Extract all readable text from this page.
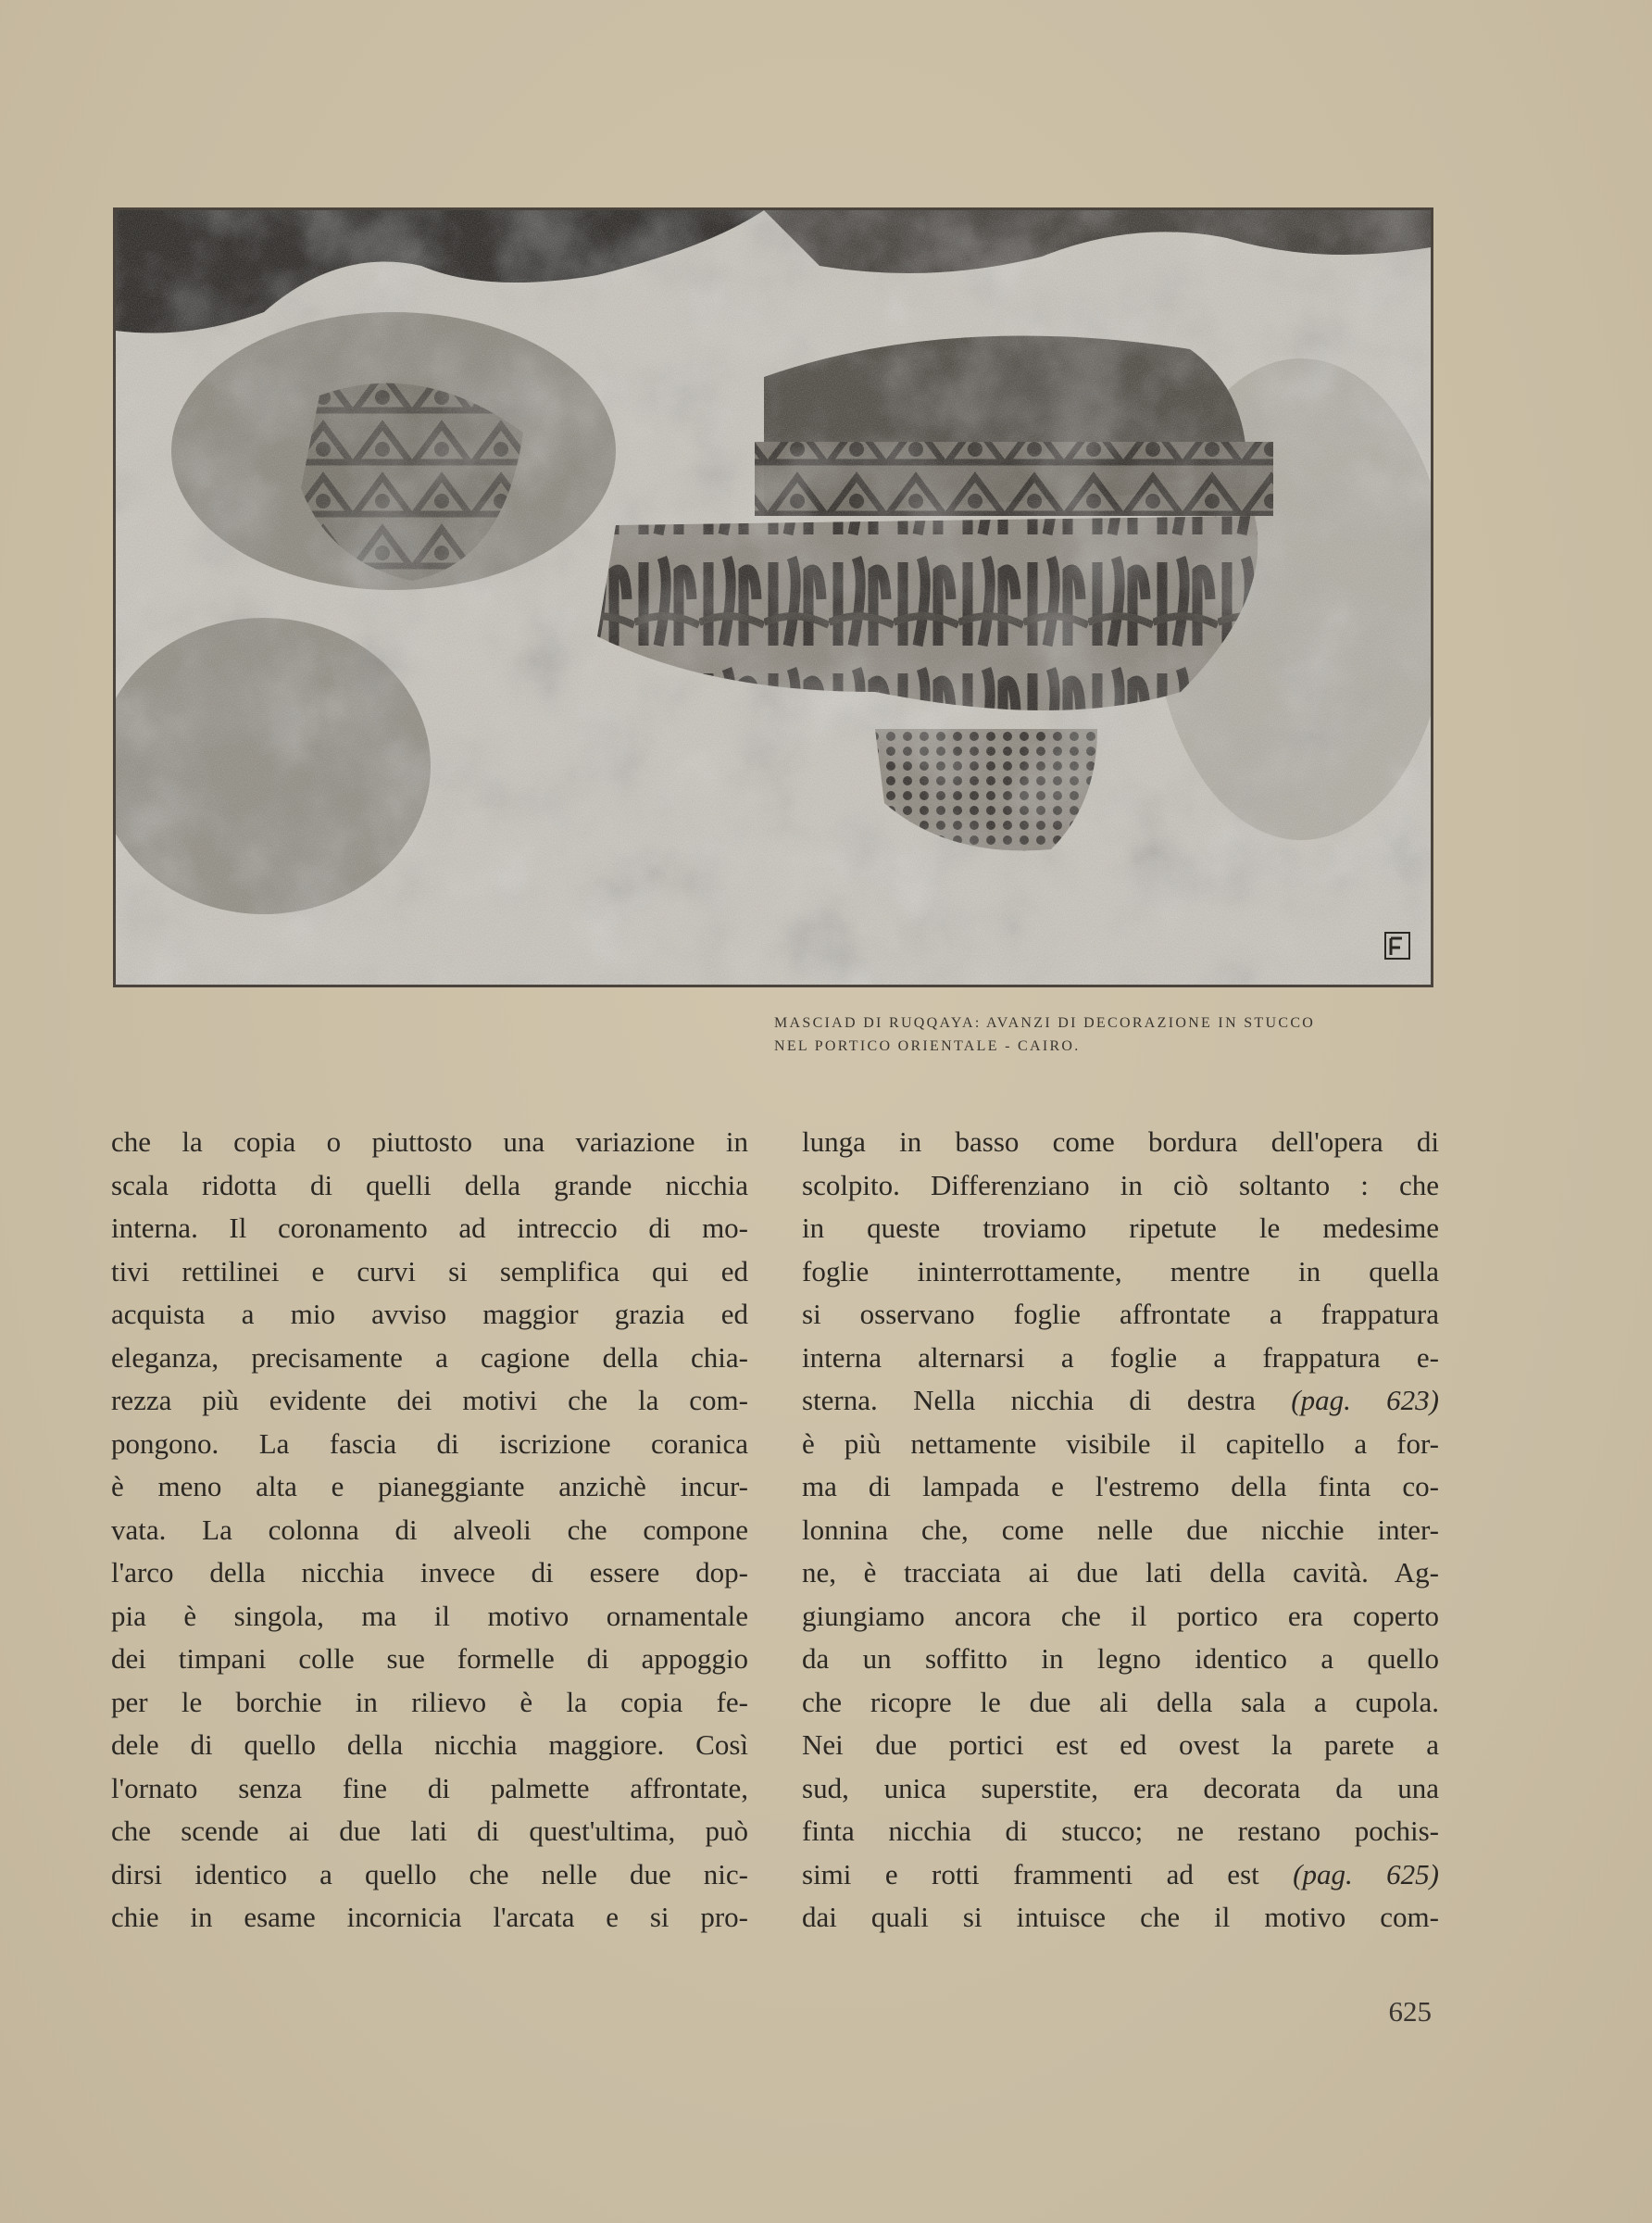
MASCIAD DI RUQQAYA: AVANZI DI DECORAZIONE IN STUCCO
NEL PORTICO ORIENTALE - CAIRO.
che la copia o piuttosto una variazione in
scala ridotta di quelli della grande nicchia
interna. Il coronamento ad intreccio di mo-
tivi rettilinei e curvi si semplifica qui ed
acquista a mio avviso maggior grazia ed
eleganza, precisamente a cagione della chia-
rezza più evidente dei motivi che la com-
pongono. La fascia di iscrizione coranica
è meno alta e pianeggiante anzichè incur-
vata. La colonna di alveoli che compone
l'arco della nicchia invece di essere dop-
pia è singola, ma il motivo ornamentale
dei timpani colle sue formelle di appoggio
per le borchie in rilievo è la copia fe-
dele di quello della nicchia maggiore. Così
l'ornato senza fine di palmette affrontate,
che scende ai due lati di quest'ultima, può
dirsi identico a quello che nelle due nic-
chie in esame incornicia l'arcata e si pro-
lunga in basso come bordura dell'opera di
scolpito. Differenziano in ciò soltanto : che
in queste troviamo ripetute le medesime
foglie ininterrottamente, mentre in quella
si osservano foglie affrontate a frappatura
interna alternarsi a foglie a frappatura e-
sterna. Nella nicchia di destra (pag. 623)
è più nettamente visibile il capitello a for-
ma di lampada e l'estremo della finta co-
lonnina che, come nelle due nicchie inter-
ne, è tracciata ai due lati della cavità. Ag-
giungiamo ancora che il portico era coperto
da un soffitto in legno identico a quello
che ricopre le due ali della sala a cupola.
Nei due portici est ed ovest la parete a
sud, unica superstite, era decorata da una
finta nicchia di stucco; ne restano pochis-
simi e rotti frammenti ad est (pag. 625)
dai quali si intuisce che il motivo com-
625
